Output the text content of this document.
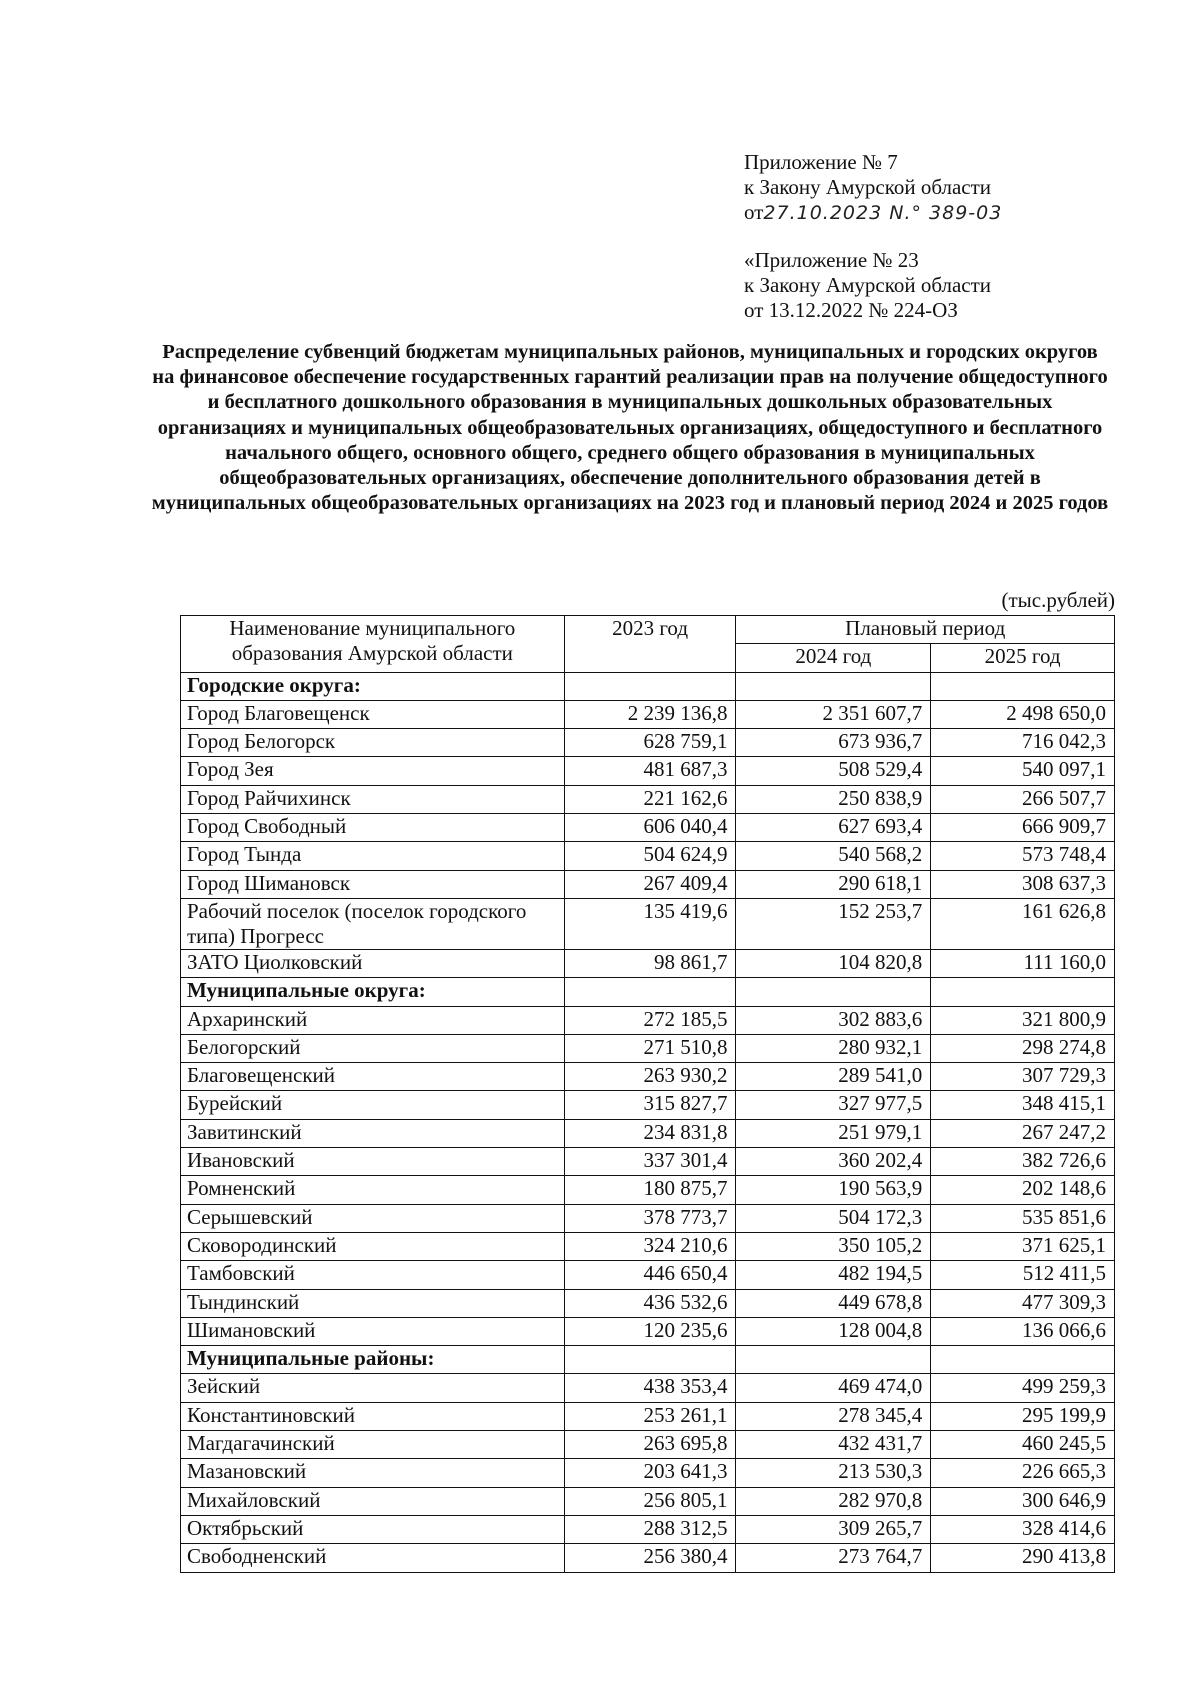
Приложение № 7
к Закону Амурской области
от27.10.2023 N.° 389-03
«Приложение № 23
к Закону Амурской области
от 13.12.2022 № 224-ОЗ
Распределение субвенций бюджетам муниципальных районов, муниципальных и городских округов на финансовое обеспечение государственных гарантий реализации прав на получение общедоступного и бесплатного дошкольного образования в муниципальных дошкольных образовательных организациях и муниципальных общеобразовательных организациях, общедоступного и бесплатного начального общего, основного общего, среднего общего образования в муниципальных общеобразовательных организациях, обеспечение дополнительного образования детей в муниципальных общеобразовательных организациях на 2023 год и плановый период 2024 и 2025 годов
(тыс.рублей)
Наименование муниципального образования Амурской области	2023 год	Плановый период	
		2024 год	2025 год
Городские округа:			
Город Благовещенск	2 239 136,8	2 351 607,7	2 498 650,0
Город Белогорск	628 759,1	673 936,7	716 042,3
Город Зея	481 687,3	508 529,4	540 097,1
Город Райчихинск	221 162,6	250 838,9	266 507,7
Город Свободный	606 040,4	627 693,4	666 909,7
Город Тында	504 624,9	540 568,2	573 748,4
Город Шимановск	267 409,4	290 618,1	308 637,3
Рабочий поселок (поселок городского типа) Прогресс	135 419,6	152 253,7	161 626,8
ЗАТО Циолковский	98 861,7	104 820,8	111 160,0
Муниципальные округа:			
Архаринский	272 185,5	302 883,6	321 800,9
Белогорский	271 510,8	280 932,1	298 274,8
Благовещенский	263 930,2	289 541,0	307 729,3
Бурейский	315 827,7	327 977,5	348 415,1
Завитинский	234 831,8	251 979,1	267 247,2
Ивановский	337 301,4	360 202,4	382 726,6
Ромненский	180 875,7	190 563,9	202 148,6
Серышевский	378 773,7	504 172,3	535 851,6
Сковородинский	324 210,6	350 105,2	371 625,1
Тамбовский	446 650,4	482 194,5	512 411,5
Тындинский	436 532,6	449 678,8	477 309,3
Шимановский	120 235,6	128 004,8	136 066,6
Муниципальные районы:			
Зейский	438 353,4	469 474,0	499 259,3
Константиновский	253 261,1	278 345,4	295 199,9
Магдагачинский	263 695,8	432 431,7	460 245,5
Мазановский	203 641,3	213 530,3	226 665,3
Михайловский	256 805,1	282 970,8	300 646,9
Октябрьский	288 312,5	309 265,7	328 414,6
Свободненский	256 380,4	273 764,7	290 413,8
